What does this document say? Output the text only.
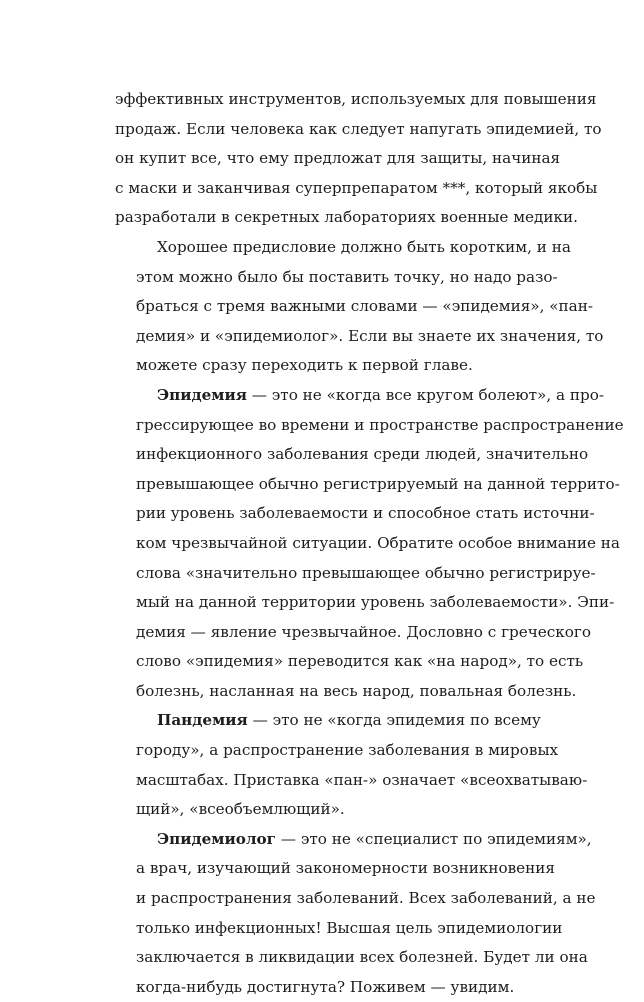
эффективных инструментов, используемых для повышения
продаж. Если человека как следует напугать эпидемией, то
он купит все, что ему предложат для защиты, начиная
с маски и заканчивая суперпрепаратом ***, который якобы
разработали в секретных лабораториях военные медики.
Хорошее предисловие должно быть коротким, и на
этом можно было бы поставить точку, но надо разо-
браться с тремя важными словами — «эпидемия», «пан-
демия» и «эпидемиолог». Если вы знаете их значения, то
можете сразу переходить к первой главе.
Эпидемия — это не «когда все кругом болеют», а про-
грессирующее во времени и пространстве распространение
инфекционного заболевания среди людей, значительно
превышающее обычно регистрируемый на данной террито-
рии уровень заболеваемости и способное стать источни-
ком чрезвычайной ситуации. Обратите особое внимание на
слова «значительно превышающее обычно регистрируе-
мый на данной территории уровень заболеваемости». Эпи-
демия — явление чрезвычайное. Дословно с греческого
слово «эпидемия» переводится как «на народ», то есть
болезнь, насланная на весь народ, повальная болезнь.
Пандемия — это не «когда эпидемия по всему
городу», а распространение заболевания в мировых
масштабах. Приставка «пан-» означает «всеохватываю-
щий», «всеобъемлющий».
Эпидемиолог — это не «специалист по эпидемиям»,
а врач, изучающий закономерности возникновения
и распространения заболеваний. Всех заболеваний, а не
только инфекционных! Высшая цель эпидемиологии
заключается в ликвидации всех болезней. Будет ли она
когда-нибудь достигнута? Поживем — увидим.
